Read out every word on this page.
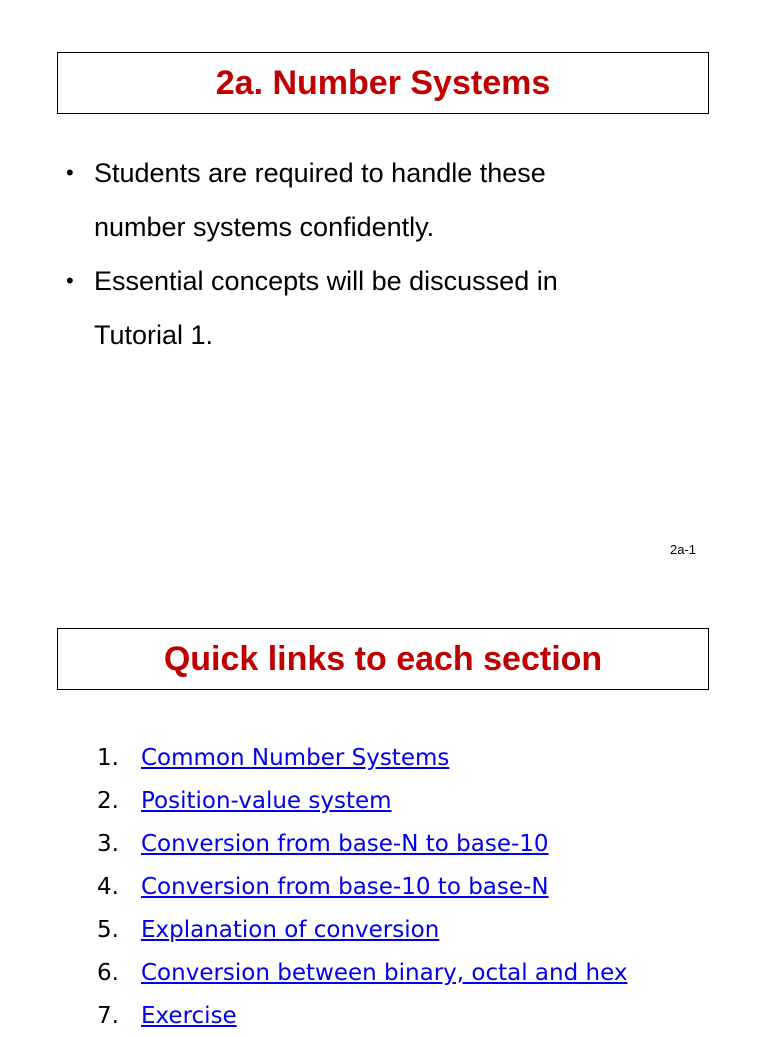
2a. Number Systems
• Students are required to handle these
number systems confidently.
• Essential concepts will be discussed in
Tutorial 1.
2a-1
Quick links to each section
1. Common Number Systems
2. Position-value system
3. Conversion from base-N to base-10
4. Conversion from base-10 to base-N
5. Explanation of conversion
6. Conversion between binary, octal and hex
7. Exercise
